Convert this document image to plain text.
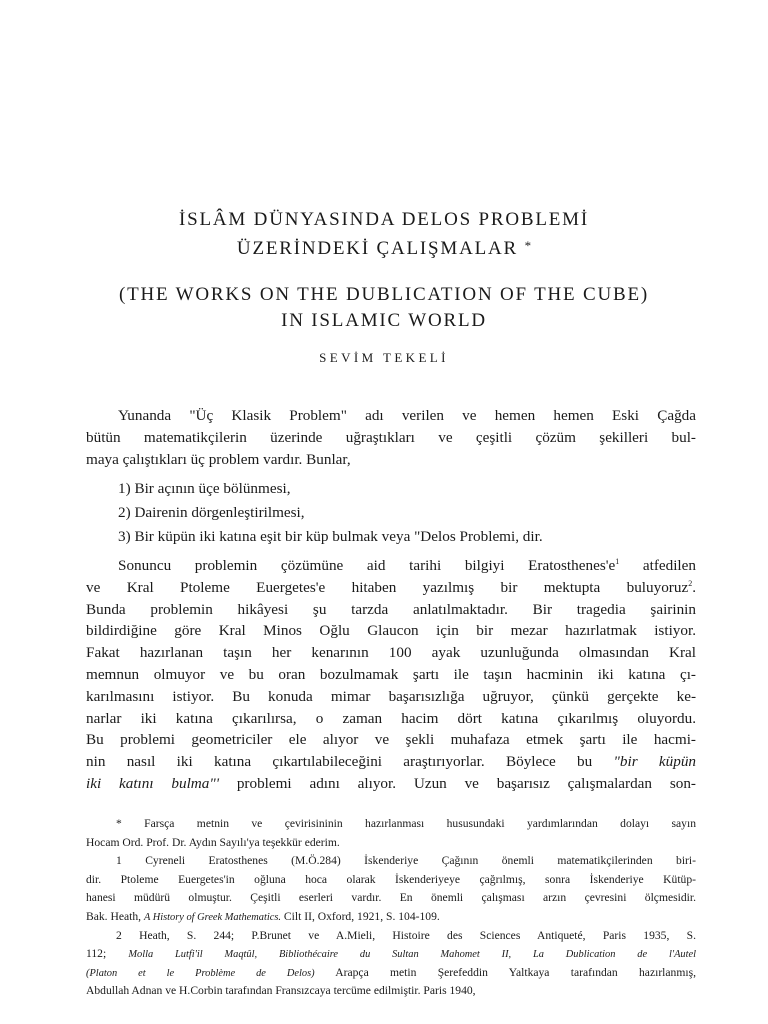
İSLÂM DÜNYASINDA DELOS PROBLEMİ
ÜZERİNDEKİ ÇALIŞMALAR *
(THE WORKS ON THE DUBLICATION OF THE CUBE)
IN ISLAMIC WORLD
SEVİM TEKELİ
Yunanda "Üç Klasik Problem" adı verilen ve hemen hemen Eski Çağda
bütün matematikçilerin üzerinde uğraştıkları ve çeşitli çözüm şekilleri bul-
maya çalıştıkları üç problem vardır. Bunlar,
1) Bir açının üçe bölünmesi,
2) Dairenin dörgenleştirilmesi,
3) Bir küpün iki katına eşit bir küp bulmak veya "Delos Problemi, dir.
Sonuncu problemin çözümüne aid tarihi bilgiyi $Eratosthenes'e^1$ atfedilen
ve Kral Ptoleme Euergetes'e hitaben yazılmış bir mektupta buluyoruz$^2$.
Bunda problemin hikâyesi şu tarzda anlatılmaktadır. Bir tragedia şairinin
bildirdiğine göre Kral Minos Oğlu Glaucon için bir mezar hazırlatmak istiyor.
Fakat hazırlanan taşın her kenarının 100 ayak uzunluğunda olmasından Kral
memnun olmuyor ve bu oran bozulmamak şartı ile taşın hacminin iki katına çı-
karılmasını istiyor. Bu konuda mimar başarısızlığa uğruyor, çünkü gerçekte ke-
narlar iki katına çıkarılırsa, o zaman hacim dört katına çıkarılmış oluyordu.
Bu problemi geometriciler ele alıyor ve şekli muhafaza etmek şartı ile hacmi-
nin nasıl iki katına çıkartılabileceğini araştırıyorlar. Böylece bu "bir küpün
iki katını bulma"' problemi adını alıyor. Uzun ve başarısız çalışmalardan son-
* Farsça metnin ve çevirisininin hazırlanması hususundaki yardımlarından dolayı sayın
Hocam Ord. Prof. Dr. Aydın Sayılı'ya teşekkür ederim.
1 Cyreneli Eratosthenes (M.Ö.284) İskenderiye Çağının önemli matematikçilerinden biri-
dir. Ptoleme Euergetes'in oğluna hoca olarak İskenderiyeye çağrılmış, sonra İskenderiye Kütüp-
hanesi müdürü olmuştur. Çeşitli eserleri vardır. En önemli çalışması arzın çevresini ölçmesidir.
Bak. Heath, A History of Greek Mathematics. Cilt II, Oxford, 1921, S. 104-109.
2 Heath, S. 244; P.Brunet ve A.Mieli, Histoire des Sciences Antiqueté, Paris 1935, S.
112; Molla Lutfi'il Maqtûl, Bibliothécaire du Sultan Mahomet II, La Dublication de l'Autel
(Platon et le Problème de Delos) Arapça metin Şerefeddin Yaltkaya tarafından hazırlanmış,
Abdullah Adnan ve H.Corbin tarafından Fransızcaya tercüme edilmiştir. Paris 1940,
